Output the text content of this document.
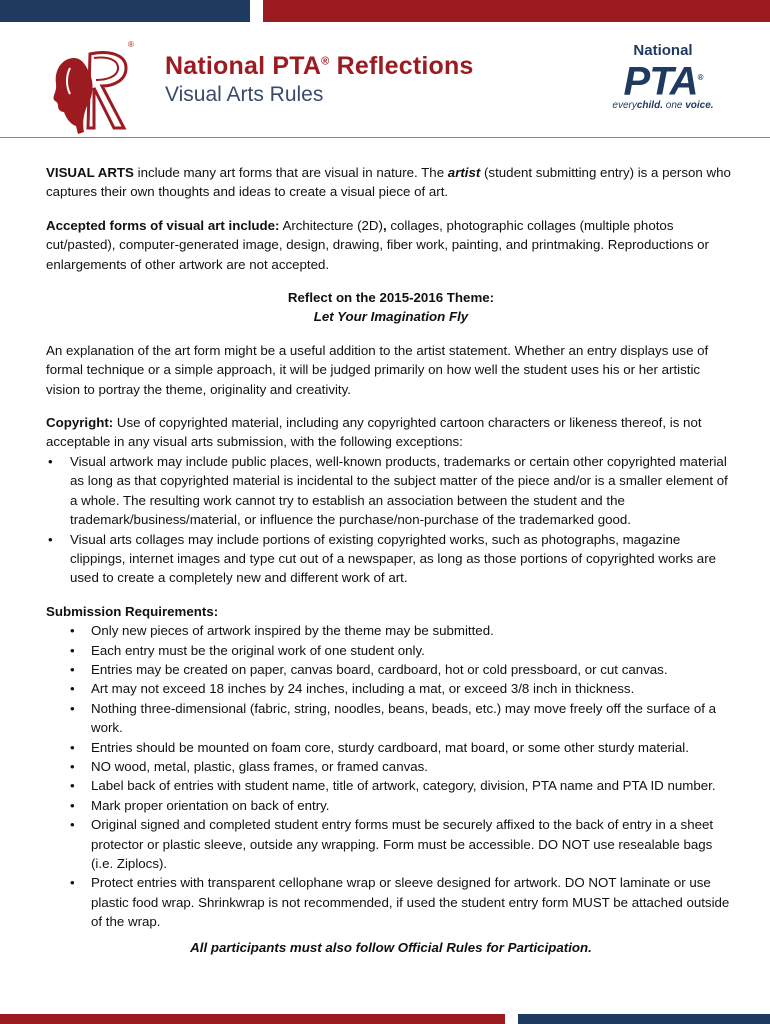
®
National PTA® Reflections
Visual Arts Rules
National
PTA®
everychild. one voice.

VISUAL ARTS include many art forms that are visual in nature. The artist (student submitting entry) is a person who captures their own thoughts and ideas to create a visual piece of art.

Accepted forms of visual art include: Architecture (2D), collages, photographic collages (multiple photos cut/pasted), computer-generated image, design, drawing, fiber work, painting, and printmaking. Reproductions or enlargements of other artwork are not accepted.

Reflect on the 2015-2016 Theme:
Let Your Imagination Fly

An explanation of the art form might be a useful addition to the artist statement. Whether an entry displays use of formal technique or a simple approach, it will be judged primarily on how well the student uses his or her artistic vision to portray the theme, originality and creativity.

Copyright: Use of copyrighted material, including any copyrighted cartoon characters or likeness thereof, is not acceptable in any visual arts submission, with the following exceptions:
• Visual artwork may include public places, well-known products, trademarks or certain other copyrighted material as long as that copyrighted material is incidental to the subject matter of the piece and/or is a smaller element of a whole. The resulting work cannot try to establish an association between the student and the trademark/business/material, or influence the purchase/non-purchase of the trademarked good.
• Visual arts collages may include portions of existing copyrighted works, such as photographs, magazine clippings, internet images and type cut out of a newspaper, as long as those portions of copyrighted works are used to create a completely new and different work of art.
Submission Requirements:
• Only new pieces of artwork inspired by the theme may be submitted.
• Each entry must be the original work of one student only.
• Entries may be created on paper, canvas board, cardboard, hot or cold pressboard, or cut canvas.
• Art may not exceed 18 inches by 24 inches, including a mat, or exceed 3/8 inch in thickness.
• Nothing three-dimensional (fabric, string, noodles, beans, beads, etc.) may move freely off the surface of a work.
• Entries should be mounted on foam core, sturdy cardboard, mat board, or some other sturdy material.
• NO wood, metal, plastic, glass frames, or framed canvas.
• Label back of entries with student name, title of artwork, category, division, PTA name and PTA ID number.
• Mark proper orientation on back of entry.
• Original signed and completed student entry forms must be securely affixed to the back of entry in a sheet protector or plastic sleeve, outside any wrapping. Form must be accessible. DO NOT use resealable bags (i.e. Ziplocs).
• Protect entries with transparent cellophane wrap or sleeve designed for artwork. DO NOT laminate or use plastic food wrap. Shrinkwrap is not recommended, if used the student entry form MUST be attached outside of the wrap.
All participants must also follow Official Rules for Participation.
